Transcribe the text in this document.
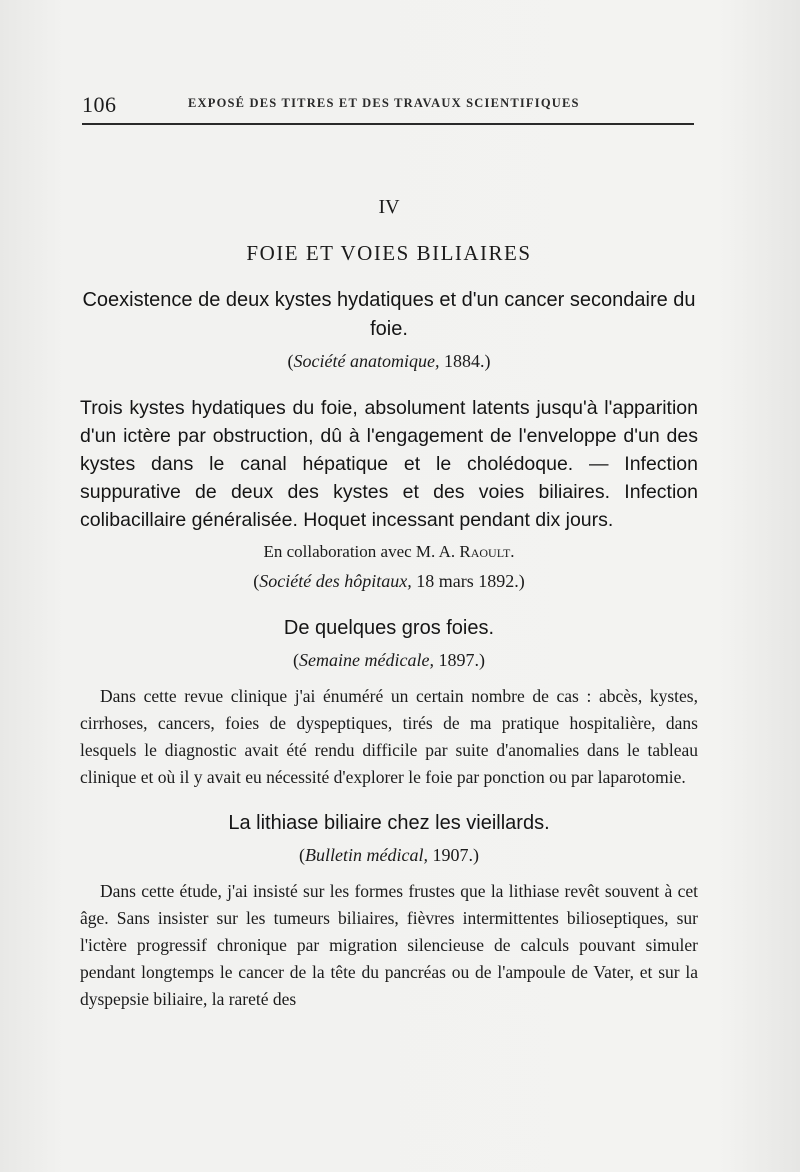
106	EXPOSÉ DES TITRES ET DES TRAVAUX SCIENTIFIQUES
IV
FOIE ET VOIES BILIAIRES

Coexistence de deux kystes hydatiques et d'un cancer secondaire du foie.

(Société anatomique, 1884.)

Trois kystes hydatiques du foie, absolument latents jusqu'à l'apparition d'un ictère par obstruction, dû à l'engagement de l'enveloppe d'un des kystes dans le canal hépatique et le cholédoque. — Infection suppurative de deux des kystes et des voies biliaires. Infection colibacillaire généralisée. Hoquet incessant pendant dix jours.

En collaboration avec M. A. Raoult.

(Société des hôpitaux, 18 mars 1892.)

De quelques gros foies.

(Semaine médicale, 1897.)

Dans cette revue clinique j'ai énuméré un certain nombre de cas : abcès, kystes, cirrhoses, cancers, foies de dyspeptiques, tirés de ma pratique hospitalière, dans lesquels le diagnostic avait été rendu difficile par suite d'anomalies dans le tableau clinique et où il y avait eu nécessité d'explorer le foie par ponction ou par laparotomie.

La lithiase biliaire chez les vieillards.

(Bulletin médical, 1907.)

Dans cette étude, j'ai insisté sur les formes frustes que la lithiase revêt souvent à cet âge. Sans insister sur les tumeurs biliaires, fièvres intermittentes bilioseptiques, sur l'ictère progressif chronique par migration silencieuse de calculs pouvant simuler pendant longtemps le cancer de la tête du pancréas ou de l'ampoule de Vater, et sur la dyspepsie biliaire, la rareté des
